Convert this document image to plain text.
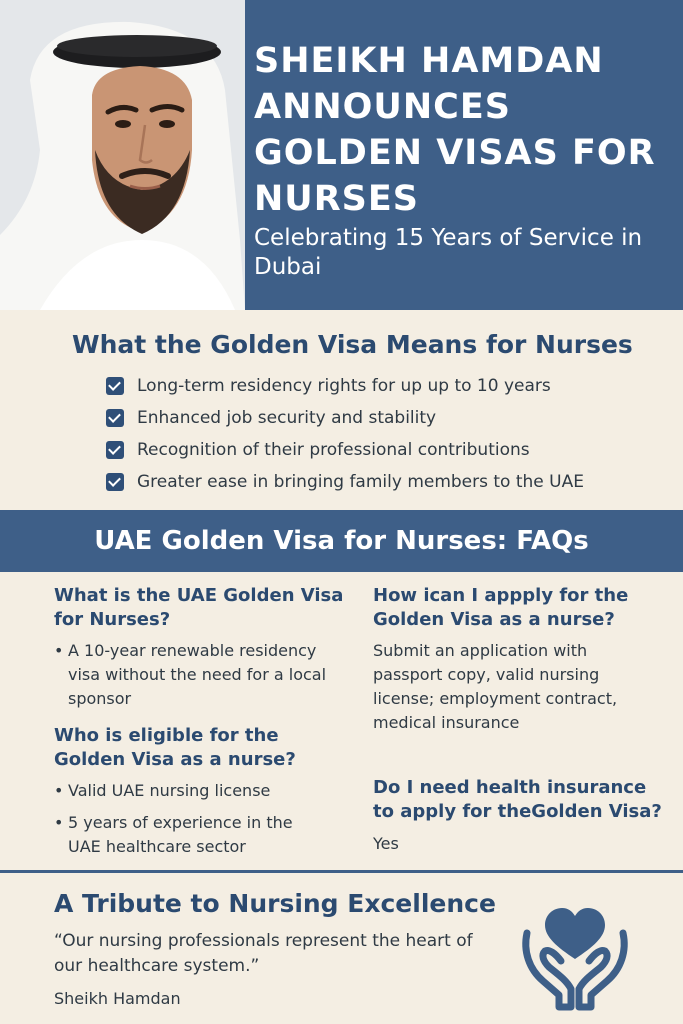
SHEIKH HAMDAN ANNOUNCES GOLDEN VISAS FOR NURSES
Celebrating 15 Years of Service in Dubai
What the Golden Visa Means for Nurses
Long-term residency rights for up up to 10 years
Enhanced job security and stability
Recognition of their professional contributions
Greater ease in bringing family members to the UAE
UAE Golden Visa for Nurses: FAQs
What is the UAE Golden Visa for Nurses?
• A 10-year renewable residency visa without the need for a local sponsor
Who is eligible for the Golden Visa as a nurse?
• Valid UAE nursing license
• 5 years of experience in the UAE healthcare sector
How ican I appply for the Golden Visa as a nurse?
Submit an application with passport copy, valid nursing license; employment contract, medical insurance
Do I need health insurance to apply for theGolden Visa?
Yes
A Tribute to Nursing Excellence
“Our nursing professionals represent the heart of our healthcare system.”
Sheikh Hamdan
